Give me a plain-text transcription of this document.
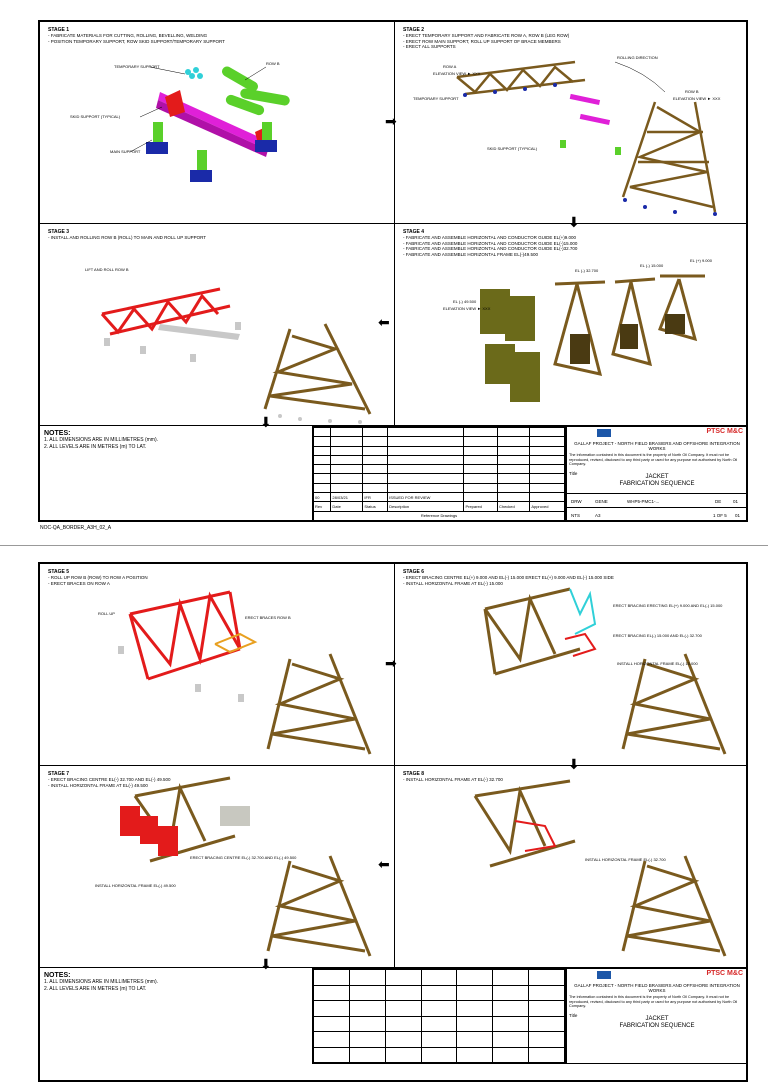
STAGE 1
- FABRICATE MATERIALS FOR CUTTING, ROLLING, BEVELLING, WELDING
- POSITION TEMPORARY SUPPORT, ROW SKID SUPPORT/TEMPORARY SUPPORT
TEMPORARY SUPPORT
ROW B
SKID SUPPORT (TYPICAL)
MAIN SUPPORT
STAGE 2
- ERECT TEMPORARY SUPPORT AND FABRICATE ROW A, ROW B (LEG ROW)
- ERECT ROW MAIN SUPPORT, ROLL UP SUPPORT OF BRACE MEMBERS
- ERECT ALL SUPPORTS
ROW A
ELEVATION VIEW ► XXX
TEMPORARY SUPPORT
SKID SUPPORT (TYPICAL)
ROLLING DIRECTION
ROW B
ELEVATION VIEW ► XXX
STAGE 3
- INSTALL AND ROLLING ROW B (ROLL) TO MAIN AND ROLL UP SUPPORT
LIFT AND ROLL ROW B
STAGE 4
- FABRICATE AND ASSEMBLE HORIZONTAL AND CONDUCTOR GUIDE EL(+)9.000
- FABRICATE AND ASSEMBLE HORIZONTAL AND CONDUCTOR GUIDE EL(-)15.000
- FABRICATE AND ASSEMBLE HORIZONTAL AND CONDUCTOR GUIDE EL(-)32.700
- FABRICATE AND ASSEMBLE HORIZONTAL FRAME EL(-)49.500
EL (-) 49.500
ELEVATION VIEW ► XXX
EL (-) 32.700
EL (-) 15.000
EL (+) 9.000
➡
⬇
⬅
⬇
NOTES:
1. ALL DIMENSIONS ARE IN MILLIMETRES (mm).
2. ALL LEVELS ARE IN METRES (m) TO LAT.

00	28/03/21	IFR	ISSUED FOR REVIEW			
Rev	Date	Status	Description	Prepared	Checked	Approved
Reference Drawings						
PTSC M&C
GALLAF PROJECT - NORTH FIELD BRASIERS AND OFFSHORE INTEGRATION WORKS
The information contained in this document is the property of North Oil Company. It must not be reproduced, revised, disclosed to any third party or used for any purpose not authorised by North Oil Company.
Title
JACKET
FABRICATION SEQUENCE
DRW	GENE	WHP5-PMC1-...	DE	01
NTS	A3	1 OF 5 01
NOC-QA_BORDER_A3H_02_A
STAGE 5
- ROLL UP ROW B (ROW) TO ROW A POSITION
- ERECT BRACES ON ROW A
ROLL UP
ERECT BRACES ROW B
STAGE 6
- ERECT BRACING CENTRE EL(+) 9.000 AND EL(-) 15.000 ERECT EL(+) 9.000 AND EL(-) 15.000 SIDE
- INSTALL HORIZONTAL FRAME AT EL(-) 15.000
ERECT BRACING ERECTING EL(+) 9.000 AND EL(-) 15.000
ERECT BRACING EL(-) 15.000 AND EL(-) 32.700
INSTALL HORIZONTAL FRAME EL(-) 15.000
STAGE 7
- ERECT BRACING CENTRE EL(-) 32.700 AND EL(-) 49.500
- INSTALL HORIZONTAL FRAME AT EL(-) 49.500
ERECT BRACING CENTRE EL(-) 32.700 AND EL(-) 49.500
INSTALL HORIZONTAL FRAME EL(-) 49.500
STAGE 8
- INSTALL HORIZONTAL FRAME AT EL(-) 32.700
INSTALL HORIZONTAL FRAME EL(-) 32.700
➡
⬇
⬅
⬇
NOTES:
1. ALL DIMENSIONS ARE IN MILLIMETRES (mm).
2. ALL LEVELS ARE IN METRES (m) TO LAT.

PTSC M&C
GALLAF PROJECT - NORTH FIELD BRASIERS AND OFFSHORE INTEGRATION WORKS
The information contained in this document is the property of North Oil Company. It must not be reproduced, revised, disclosed to any third party or used for any purpose not authorised by North Oil Company.
Title
JACKET
FABRICATION SEQUENCE
